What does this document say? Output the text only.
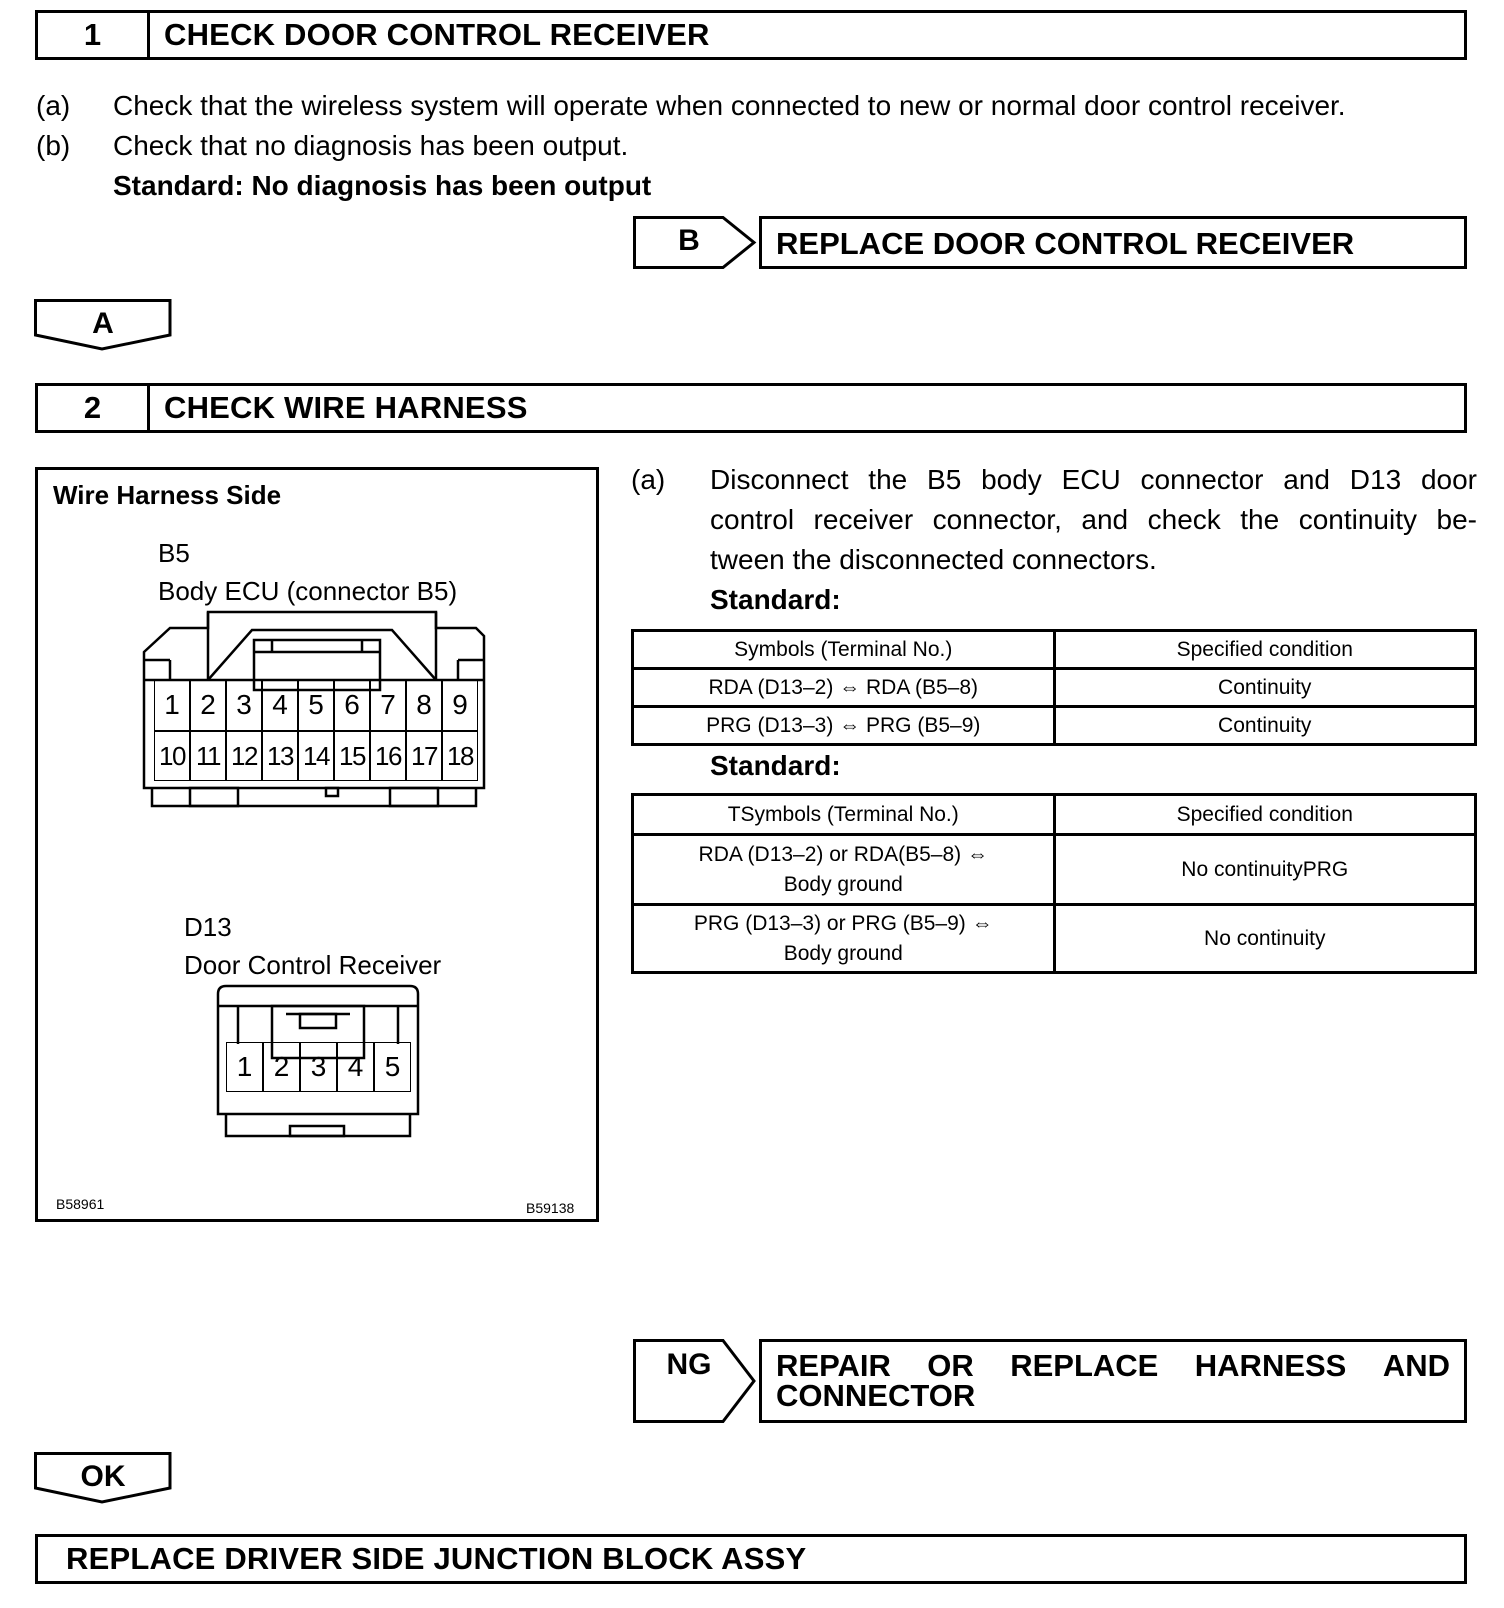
1	CHECK DOOR CONTROL RECEIVER
(a) Check that the wireless system will operate when connected to new or normal door control receiver.
(b) Check that no diagnosis has been output.
Standard: No diagnosis has been output
B	REPLACE DOOR CONTROL RECEIVER
A
2	CHECK WIRE HARNESS
Wire Harness Side
B5
Body ECU (connector B5)
1 2 3 4 5 6 7 8 9
10 11 12 13 14 15 16 17 18
D13
Door Control Receiver
1 2 3 4 5
B58961	B59138
(a) Disconnect the B5 body ECU connector and D13 door
control receiver connector, and check the continuity be-
tween the disconnected connectors.
Standard:
Symbols (Terminal No.)	Specified condition
RDA (D13–2) ⇔ RDA (B5–8)	Continuity
PRG (D13–3) ⇔ PRG (B5–9)	Continuity
Standard:
TSymbols (Terminal No.)	Specified condition

RDA (D13–2) or RDA(B5–8) ⇔
Body ground	No continuityPRG

PRG (D13–3) or PRG (B5–9) ⇔
Body ground	No continuity
NG	REPAIR OR REPLACE HARNESS AND
CONNECTOR
OK
REPLACE DRIVER SIDE JUNCTION BLOCK ASSY
